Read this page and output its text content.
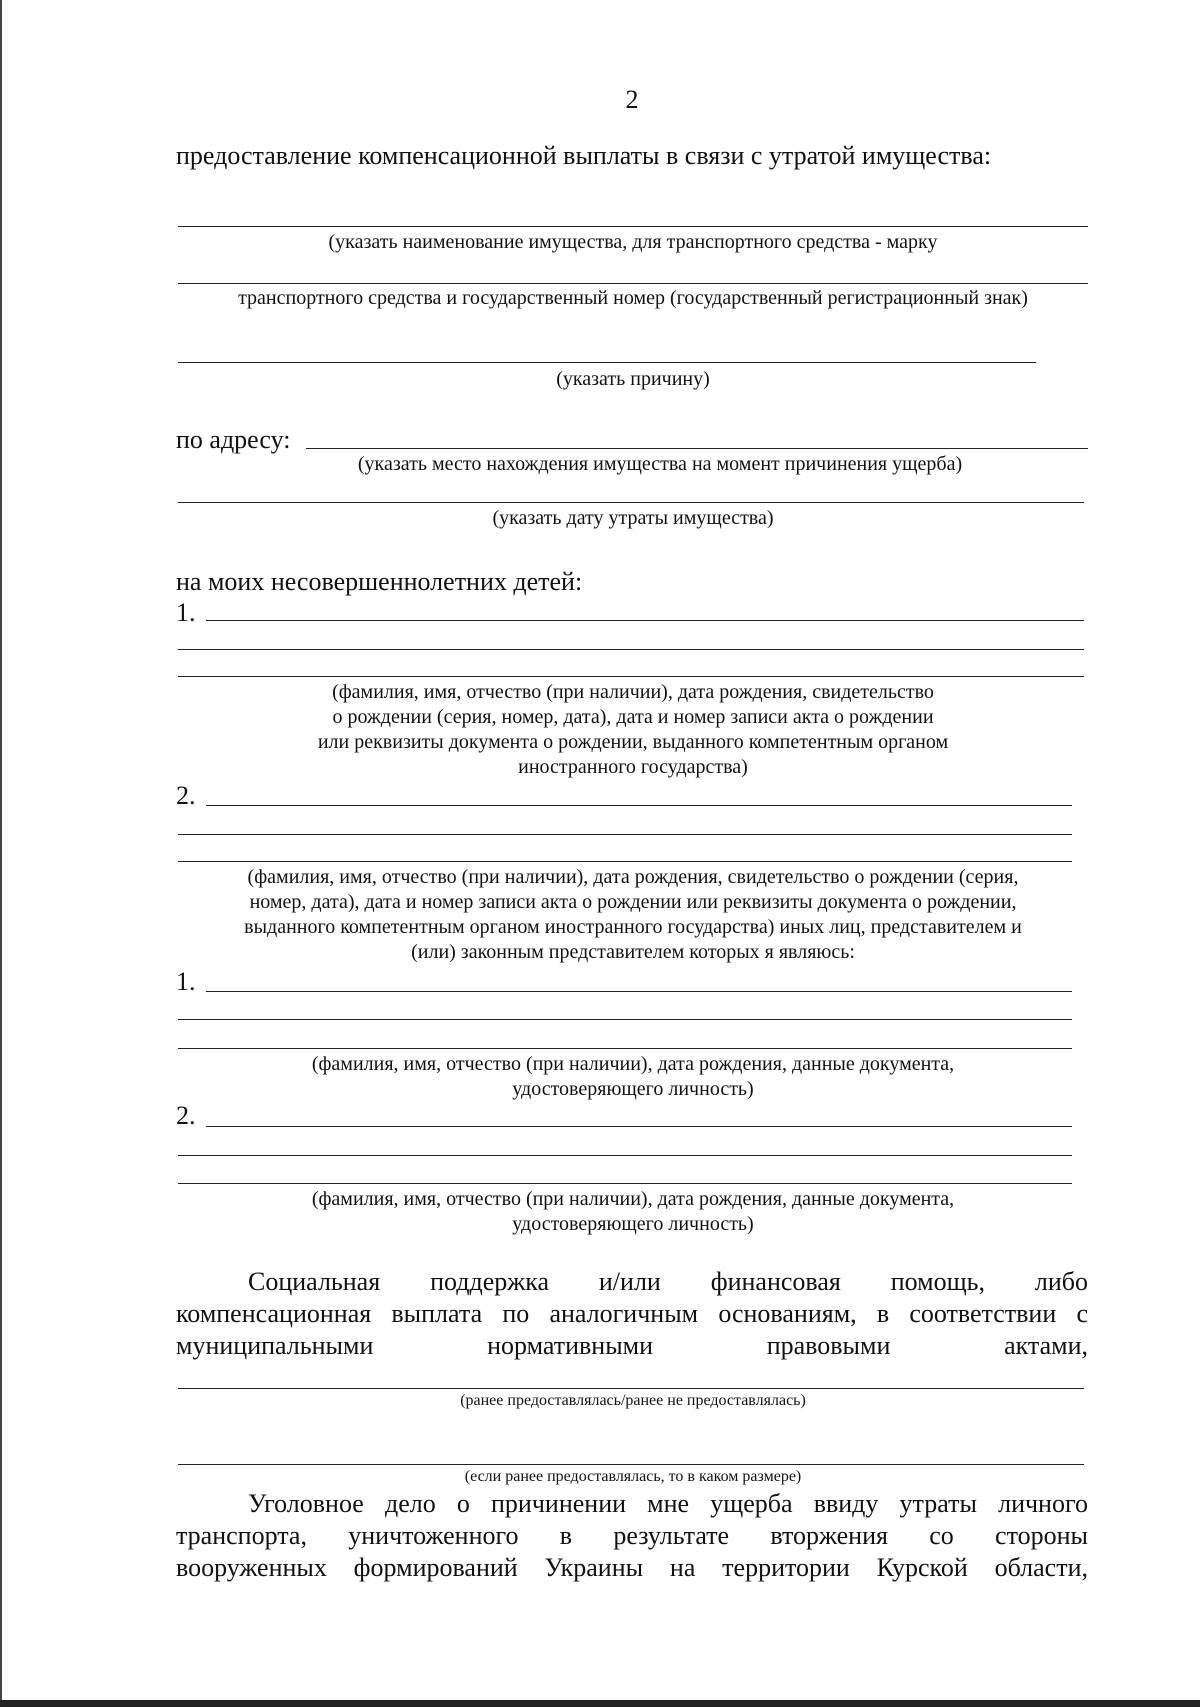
2
предоставление компенсационной выплаты в связи с утратой имущества:
(указать наименование имущества, для транспортного средства - марку
транспортного средства и государственный номер (государственный регистрационный знак)
(указать причину)
по адресу:
(указать место нахождения имущества на момент причинения ущерба)
(указать дату утраты имущества)
на моих несовершеннолетних детей:
1.
(фамилия, имя, отчество (при наличии), дата рождения, свидетельство
о рождении (серия, номер, дата), дата и номер записи акта о рождении
или реквизиты документа о рождении, выданного компетентным органом
иностранного государства)
2.
(фамилия, имя, отчество (при наличии), дата рождения, свидетельство о рождении (серия,
номер, дата), дата и номер записи акта о рождении или реквизиты документа о рождении,
выданного компетентным органом иностранного государства) иных лиц, представителем и
(или) законным представителем которых я являюсь:
1.
(фамилия, имя, отчество (при наличии), дата рождения, данные документа,
удостоверяющего личность)
2.
(фамилия, имя, отчество (при наличии), дата рождения, данные документа,
удостоверяющего личность)
Социальная поддержка и/или финансовая помощь, либо
компенсационная выплата по аналогичным основаниям, в соответствии с
муниципальными нормативными правовыми актами,
(ранее предоставлялась/ранее не предоставлялась)
(если ранее предоставлялась, то в каком размере)
Уголовное дело о причинении мне ущерба ввиду утраты личного
транспорта, уничтоженного в результате вторжения со стороны
вооруженных формирований Украины на территории Курской области,
